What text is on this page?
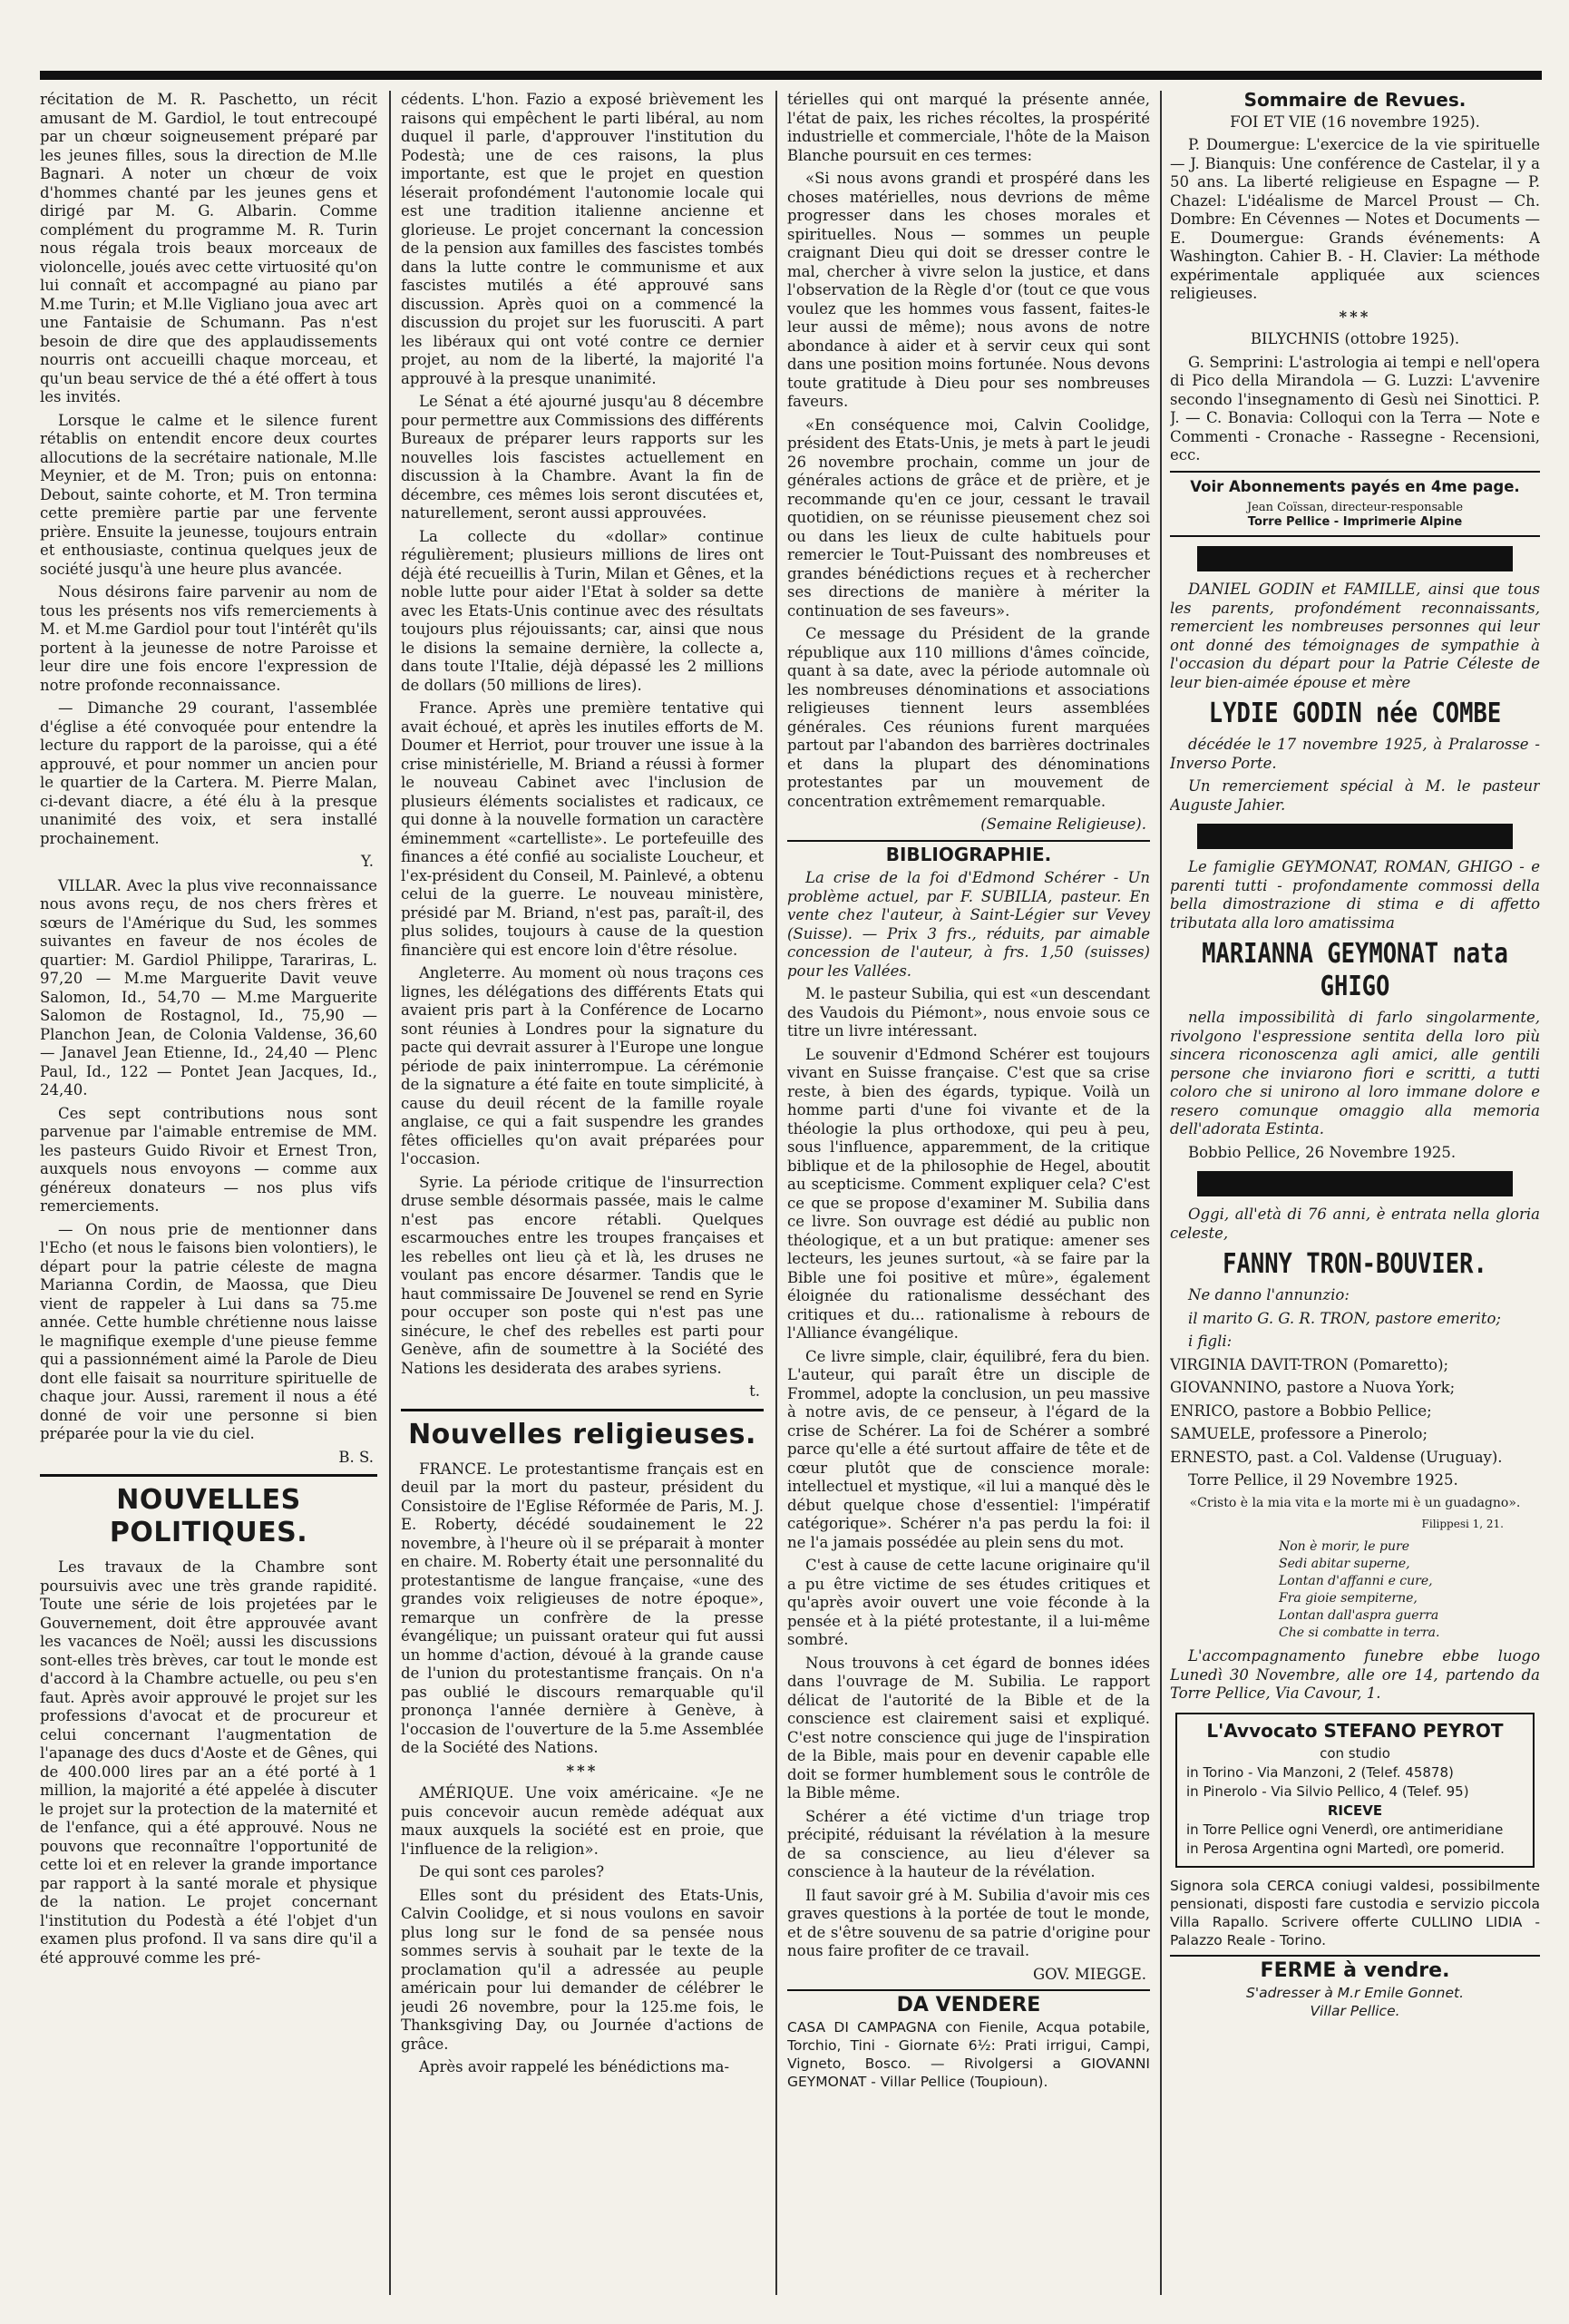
récitation de M. R. Paschetto, un récit amusant de M. Gardiol, le tout entrecoupé par un chœur soigneusement préparé par les jeunes filles, sous la direction de M.lle Bagnari. A noter un chœur de voix d'hommes chanté par les jeunes gens et dirigé par M. G. Albarin. Comme complément du programme M. R. Turin nous régala trois beaux morceaux de violoncelle, joués avec cette virtuosité qu'on lui connaît et accompagné au piano par M.me Turin; et M.lle Vigliano joua avec art une Fantaisie de Schumann. Pas n'est besoin de dire que des applaudissements nourris ont accueilli chaque morceau, et qu'un beau service de thé a été offert à tous les invités.

Lorsque le calme et le silence furent rétablis on entendit encore deux courtes allocutions de la secrétaire nationale, M.lle Meynier, et de M. Tron; puis on entonna: Debout, sainte cohorte, et M. Tron termina cette première partie par une fervente prière. Ensuite la jeunesse, toujours entrain et enthousiaste, continua quelques jeux de société jusqu'à une heure plus avancée.

Nous désirons faire parvenir au nom de tous les présents nos vifs remerciements à M. et M.me Gardiol pour tout l'intérêt qu'ils portent à la jeunesse de notre Paroisse et leur dire une fois encore l'expression de notre profonde reconnaissance.

— Dimanche 29 courant, l'assemblée d'église a été convoquée pour entendre la lecture du rapport de la paroisse, qui a été approuvé, et pour nommer un ancien pour le quartier de la Cartera. M. Pierre Malan, ci-devant diacre, a été élu à la presque unanimité des voix, et sera installé prochainement.

Y.

VILLAR. Avec la plus vive reconnaissance nous avons reçu, de nos chers frères et sœurs de l'Amérique du Sud, les sommes suivantes en faveur de nos écoles de quartier: M. Gardiol Philippe, Tarariras, L. 97,20 — M.me Marguerite Davit veuve Salomon, Id., 54,70 — M.me Marguerite Salomon de Rostagnol, Id., 75,90 — Planchon Jean, de Colonia Valdense, 36,60 — Janavel Jean Etienne, Id., 24,40 — Plenc Paul, Id., 122 — Pontet Jean Jacques, Id., 24,40.

Ces sept contributions nous sont parvenue par l'aimable entremise de MM. les pasteurs Guido Rivoir et Ernest Tron, auxquels nous envoyons — comme aux généreux donateurs — nos plus vifs remerciements.

— On nous prie de mentionner dans l'Echo (et nous le faisons bien volontiers), le départ pour la patrie céleste de magna Marianna Cordin, de Maossa, que Dieu vient de rappeler à Lui dans sa 75.me année. Cette humble chrétienne nous laisse le magnifique exemple d'une pieuse femme qui a passionnément aimé la Parole de Dieu dont elle faisait sa nourriture spirituelle de chaque jour. Aussi, rarement il nous a été donné de voir une personne si bien préparée pour la vie du ciel.

B. S.
NOUVELLES POLITIQUES.

Les travaux de la Chambre sont poursuivis avec une très grande rapidité. Toute une série de lois projetées par le Gouvernement, doit être approuvée avant les vacances de Noël; aussi les discussions sont-elles très brèves, car tout le monde est d'accord à la Chambre actuelle, ou peu s'en faut. Après avoir approuvé le projet sur les professions d'avocat et de procureur et celui concernant l'augmentation de l'apanage des ducs d'Aoste et de Gênes, qui de 400.000 lires par an a été porté à 1 million, la majorité a été appelée à discuter le projet sur la protection de la maternité et de l'enfance, qui a été approuvé. Nous ne pouvons que reconnaître l'opportunité de cette loi et en relever la grande importance par rapport à la santé morale et physique de la nation. Le projet concernant l'institution du Podestà a été l'objet d'un examen plus profond. Il va sans dire qu'il a été approuvé comme les pré-

cédents. L'hon. Fazio a exposé brièvement les raisons qui empêchent le parti libéral, au nom duquel il parle, d'approuver l'institution du Podestà; une de ces raisons, la plus importante, est que le projet en question léserait profondément l'autonomie locale qui est une tradition italienne ancienne et glorieuse. Le projet concernant la concession de la pension aux familles des fascistes tombés dans la lutte contre le communisme et aux fascistes mutilés a été approuvé sans discussion. Après quoi on a commencé la discussion du projet sur les fuorusciti. A part les libéraux qui ont voté contre ce dernier projet, au nom de la liberté, la majorité l'a approuvé à la presque unanimité.

Le Sénat a été ajourné jusqu'au 8 décembre pour permettre aux Commissions des différents Bureaux de préparer leurs rapports sur les nouvelles lois fascistes actuellement en discussion à la Chambre. Avant la fin de décembre, ces mêmes lois seront discutées et, naturellement, seront aussi approuvées.

La collecte du «dollar» continue régulièrement; plusieurs millions de lires ont déjà été recueillis à Turin, Milan et Gênes, et la noble lutte pour aider l'Etat à solder sa dette avec les Etats-Unis continue avec des résultats toujours plus réjouissants; car, ainsi que nous le disions la semaine dernière, la collecte a, dans toute l'Italie, déjà dépassé les 2 millions de dollars (50 millions de lires).

France. Après une première tentative qui avait échoué, et après les inutiles efforts de M. Doumer et Herriot, pour trouver une issue à la crise ministérielle, M. Briand a réussi à former le nouveau Cabinet avec l'inclusion de plusieurs éléments socialistes et radicaux, ce qui donne à la nouvelle formation un caractère éminemment «cartelliste». Le portefeuille des finances a été confié au socialiste Loucheur, et l'ex-président du Conseil, M. Painlevé, a obtenu celui de la guerre. Le nouveau ministère, présidé par M. Briand, n'est pas, paraît-il, des plus solides, toujours à cause de la question financière qui est encore loin d'être résolue.

Angleterre. Au moment où nous traçons ces lignes, les délégations des différents Etats qui avaient pris part à la Conférence de Locarno sont réunies à Londres pour la signature du pacte qui devrait assurer à l'Europe une longue période de paix ininterrompue. La cérémonie de la signature a été faite en toute simplicité, à cause du deuil récent de la famille royale anglaise, ce qui a fait suspendre les grandes fêtes officielles qu'on avait préparées pour l'occasion.

Syrie. La période critique de l'insurrection druse semble désormais passée, mais le calme n'est pas encore rétabli. Quelques escarmouches entre les troupes françaises et les rebelles ont lieu çà et là, les druses ne voulant pas encore désarmer. Tandis que le haut commissaire De Jouvenel se rend en Syrie pour occuper son poste qui n'est pas une sinécure, le chef des rebelles est parti pour Genève, afin de soumettre à la Société des Nations les desiderata des arabes syriens.

t.
Nouvelles religieuses.

FRANCE. Le protestantisme français est en deuil par la mort du pasteur, président du Consistoire de l'Eglise Réformée de Paris, M. J. E. Roberty, décédé soudainement le 22 novembre, à l'heure où il se préparait à monter en chaire. M. Roberty était une personnalité du protestantisme de langue française, «une des grandes voix religieuses de notre époque», remarque un confrère de la presse évangélique; un puissant orateur qui fut aussi un homme d'action, dévoué à la grande cause de l'union du protestantisme français. On n'a pas oublié le discours remarquable qu'il prononça l'année dernière à Genève, à l'occasion de l'ouverture de la 5.me Assemblée de la Société des Nations.

***

AMÉRIQUE. Une voix américaine. «Je ne puis concevoir aucun remède adéquat aux maux auxquels la société est en proie, que l'influence de la religion».

De qui sont ces paroles?

Elles sont du président des Etats-Unis, Calvin Coolidge, et si nous voulons en savoir plus long sur le fond de sa pensée nous sommes servis à souhait par le texte de la proclamation qu'il a adressée au peuple américain pour lui demander de célébrer le jeudi 26 novembre, pour la 125.me fois, le Thanksgiving Day, ou Journée d'actions de grâce.

Après avoir rappelé les bénédictions ma-

térielles qui ont marqué la présente année, l'état de paix, les riches récoltes, la prospérité industrielle et commerciale, l'hôte de la Maison Blanche poursuit en ces termes:

«Si nous avons grandi et prospéré dans les choses matérielles, nous devrions de même progresser dans les choses morales et spirituelles. Nous — sommes un peuple craignant Dieu qui doit se dresser contre le mal, chercher à vivre selon la justice, et dans l'observation de la Règle d'or (tout ce que vous voulez que les hommes vous fassent, faites-le leur aussi de même); nous avons de notre abondance à aider et à servir ceux qui sont dans une position moins fortunée. Nous devons toute gratitude à Dieu pour ses nombreuses faveurs.

«En conséquence moi, Calvin Coolidge, président des Etats-Unis, je mets à part le jeudi 26 novembre prochain, comme un jour de générales actions de grâce et de prière, et je recommande qu'en ce jour, cessant le travail quotidien, on se réunisse pieusement chez soi ou dans les lieux de culte habituels pour remercier le Tout-Puissant des nombreuses et grandes bénédictions reçues et à rechercher ses directions de manière à mériter la continuation de ses faveurs».

Ce message du Président de la grande république aux 110 millions d'âmes coïncide, quant à sa date, avec la période automnale où les nombreuses dénominations et associations religieuses tiennent leurs assemblées générales. Ces réunions furent marquées partout par l'abandon des barrières doctrinales et dans la plupart des dénominations protestantes par un mouvement de concentration extrêmement remarquable.

(Semaine Religieuse).
BIBLIOGRAPHIE.

La crise de la foi d'Edmond Schérer - Un problème actuel, par F. SUBILIA, pasteur. En vente chez l'auteur, à Saint-Légier sur Vevey (Suisse). — Prix 3 frs., réduits, par aimable concession de l'auteur, à frs. 1,50 (suisses) pour les Vallées.

M. le pasteur Subilia, qui est «un descendant des Vaudois du Piémont», nous envoie sous ce titre un livre intéressant.

Le souvenir d'Edmond Schérer est toujours vivant en Suisse française. C'est que sa crise reste, à bien des égards, typique. Voilà un homme parti d'une foi vivante et de la théologie la plus orthodoxe, qui peu à peu, sous l'influence, apparemment, de la critique biblique et de la philosophie de Hegel, aboutit au scepticisme. Comment expliquer cela? C'est ce que se propose d'examiner M. Subilia dans ce livre. Son ouvrage est dédié au public non théologique, et a un but pratique: amener ses lecteurs, les jeunes surtout, «à se faire par la Bible une foi positive et mûre», également éloignée du rationalisme desséchant des critiques et du... rationalisme à rebours de l'Alliance évangélique.

Ce livre simple, clair, équilibré, fera du bien. L'auteur, qui paraît être un disciple de Frommel, adopte la conclusion, un peu massive à notre avis, de ce penseur, à l'égard de la crise de Schérer. La foi de Schérer a sombré parce qu'elle a été surtout affaire de tête et de cœur plutôt que de conscience morale: intellectuel et mystique, «il lui a manqué dès le début quelque chose d'essentiel: l'impératif catégorique». Schérer n'a pas perdu la foi: il ne l'a jamais possédée au plein sens du mot.

C'est à cause de cette lacune originaire qu'il a pu être victime de ses études critiques et qu'après avoir ouvert une voie féconde à la pensée et à la piété protestante, il a lui-même sombré.

Nous trouvons à cet égard de bonnes idées dans l'ouvrage de M. Subilia. Le rapport délicat de l'autorité de la Bible et de la conscience est clairement saisi et expliqué. C'est notre conscience qui juge de l'inspiration de la Bible, mais pour en devenir capable elle doit se former humblement sous le contrôle de la Bible même.

Schérer a été victime d'un triage trop précipité, réduisant la révélation à la mesure de sa conscience, au lieu d'élever sa conscience à la hauteur de la révélation.

Il faut savoir gré à M. Subilia d'avoir mis ces graves questions à la portée de tout le monde, et de s'être souvenu de sa patrie d'origine pour nous faire profiter de ce travail.

GOV. MIEGGE.
DA VENDERE
CASA DI CAMPAGNA con Fienile, Acqua potabile, Torchio, Tini - Giornate 6½: Prati irrigui, Campi, Vigneto, Bosco. — Rivolgersi a GIOVANNI GEYMONAT - Villar Pellice (Toupioun).
Sommaire de Revues.

FOI ET VIE (16 novembre 1925).

P. Doumergue: L'exercice de la vie spirituelle — J. Bianquis: Une conférence de Castelar, il y a 50 ans. La liberté religieuse en Espagne — P. Chazel: L'idéalisme de Marcel Proust — Ch. Dombre: En Cévennes — Notes et Documents — E. Doumergue: Grands événements: A Washington. Cahier B. - H. Clavier: La méthode expérimentale appliquée aux sciences religieuses.

***

BILYCHNIS (ottobre 1925).

G. Semprini: L'astrologia ai tempi e nell'opera di Pico della Mirandola — G. Luzzi: L'avvenire secondo l'insegnamento di Gesù nei Sinottici. P. J. — C. Bonavia: Colloqui con la Terra — Note e Commenti - Cronache - Rassegne - Recensioni, ecc.

Voir Abonnements payés en 4me page.

Jean Coïssan, directeur-responsable
Torre Pellice - Imprimerie Alpine

DANIEL GODIN et FAMILLE, ainsi que tous les parents, profondément reconnaissants, remercient les nombreuses personnes qui leur ont donné des témoignages de sympathie à l'occasion du départ pour la Patrie Céleste de leur bien-aimée épouse et mère

LYDIE GODIN née COMBE

décédée le 17 novembre 1925, à Pralarosse - Inverso Porte.

Un remerciement spécial à M. le pasteur Auguste Jahier.

Le famiglie GEYMONAT, ROMAN, GHIGO - e parenti tutti - profondamente commossi della bella dimostrazione di stima e di affetto tributata alla loro amatissima

MARIANNA GEYMONAT nata GHIGO

nella impossibilità di farlo singolarmente, rivolgono l'espressione sentita della loro più sincera riconoscenza agli amici, alle gentili persone che inviarono fiori e scritti, a tutti coloro che si unirono al loro immane dolore e resero comunque omaggio alla memoria dell'adorata Estinta.

Bobbio Pellice, 26 Novembre 1925.

Oggi, all'età di 76 anni, è entrata nella gloria celeste,

FANNY TRON-BOUVIER.

Ne danno l'annunzio:

il marito G. G. R. TRON, pastore emerito;

i figli:

VIRGINIA DAVIT-TRON (Pomaretto);

GIOVANNINO, pastore a Nuova York;

ENRICO, pastore a Bobbio Pellice;

SAMUELE, professore a Pinerolo;

ERNESTO, past. a Col. Valdense (Uruguay).

Torre Pellice, il 29 Novembre 1925.

«Cristo è la mia vita e la morte mi è un guadagno».
Filippesi 1, 21.
Non è morir, le pure
Sedi abitar superne,
Lontan d'affanni e cure,
Fra gioie sempiterne,
Lontan dall'aspra guerra
Che si combatte in terra.

L'accompagnamento funebre ebbe luogo Lunedì 30 Novembre, alle ore 14, partendo da Torre Pellice, Via Cavour, 1.

L'Avvocato STEFANO PEYROT
con studio
in Torino - Via Manzoni, 2 (Telef. 45878)
in Pinerolo - Via Silvio Pellico, 4 (Telef. 95)
RICEVE
in Torre Pellice ogni Venerdì, ore antimeridiane
in Perosa Argentina ogni Martedì, ore pomerid.
Signora sola CERCA coniugi valdesi, possibilmente pensionati, disposti fare custodia e servizio piccola Villa Rapallo. Scrivere offerte CULLINO LIDIA - Palazzo Reale - Torino.
FERME à vendre.
S'adresser à M.r Emile Gonnet.
Villar Pellice.
